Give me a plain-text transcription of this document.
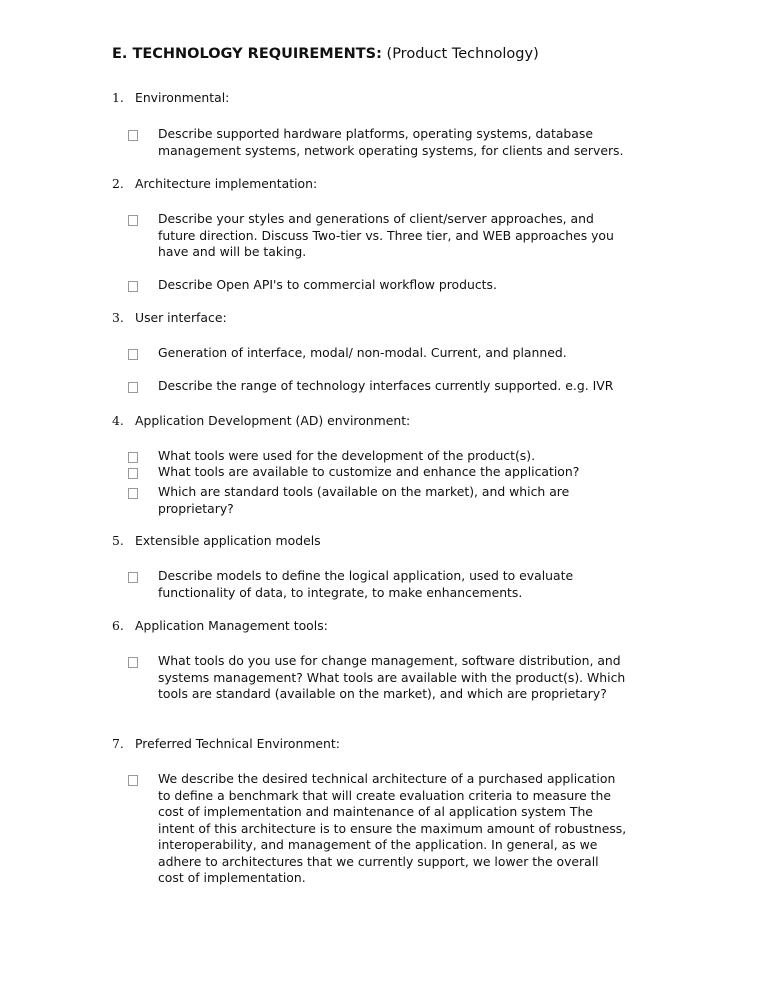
E. TECHNOLOGY REQUIREMENTS: (Product Technology)
1. Environmental:
Describe supported hardware platforms, operating systems, database management systems, network operating systems, for clients and servers.
2. Architecture implementation:
Describe your styles and generations of client/server approaches, and future direction. Discuss Two-tier vs. Three tier, and WEB approaches you have and will be taking.
Describe Open API's to commercial workflow products.
3. User interface:
Generation of interface, modal/ non-modal. Current, and planned.
Describe the range of technology interfaces currently supported. e.g. IVR
4. Application Development (AD) environment:
What tools were used for the development of the product(s).
What tools are available to customize and enhance the application?
Which are standard tools (available on the market), and which are proprietary?
5. Extensible application models
Describe models to define the logical application, used to evaluate functionality of data, to integrate, to make enhancements.
6. Application Management tools:
What tools do you use for change management, software distribution, and systems management? What tools are available with the product(s). Which tools are standard (available on the market), and which are proprietary?
7. Preferred Technical Environment:
We describe the desired technical architecture of a purchased application to define a benchmark that will create evaluation criteria to measure the cost of implementation and maintenance of al application system The intent of this architecture is to ensure the maximum amount of robustness, interoperability, and management of the application. In general, as we adhere to architectures that we currently support, we lower the overall cost of implementation.
